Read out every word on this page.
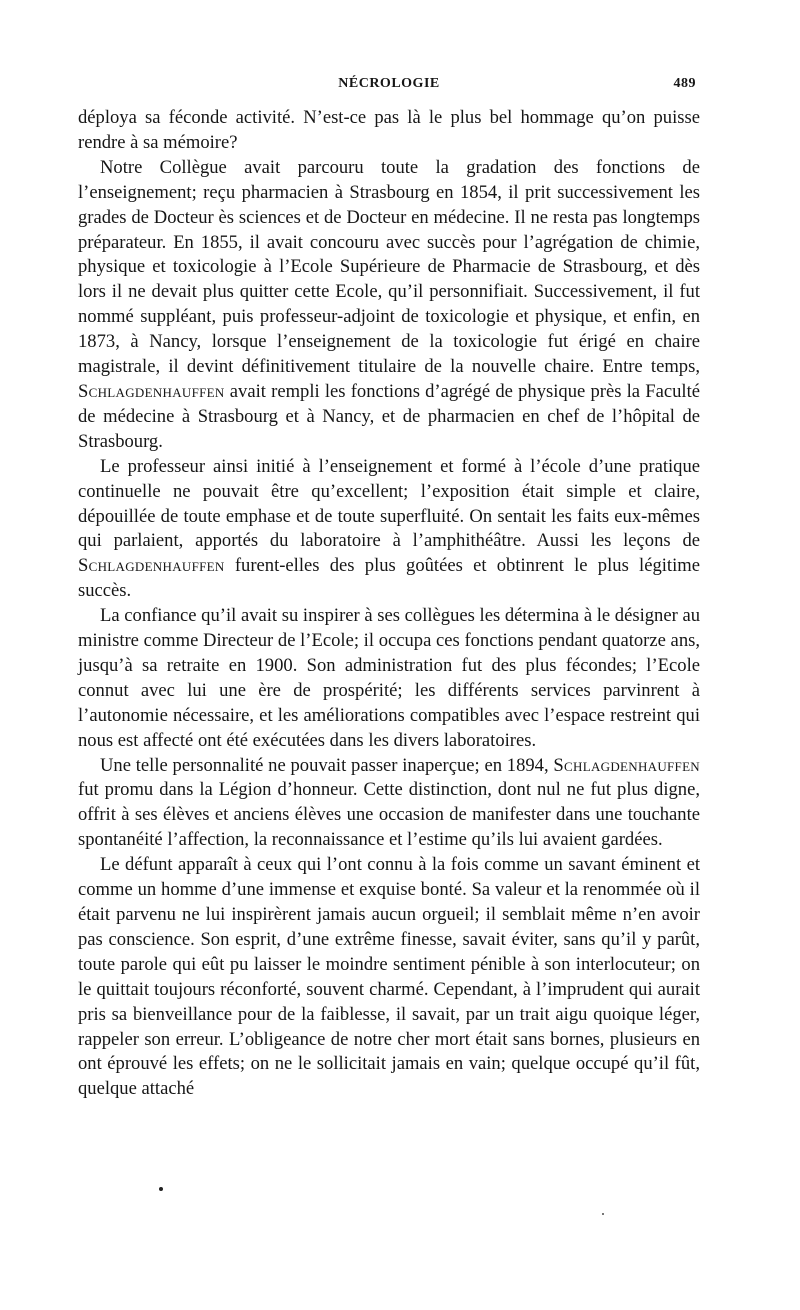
NÉCROLOGIE	489

déploya sa féconde activité. N’est-ce pas là le plus bel hommage qu’on puisse rendre à sa mémoire?

Notre Collègue avait parcouru toute la gradation des fonctions de l’enseignement; reçu pharmacien à Strasbourg en 1854, il prit successivement les grades de Docteur ès sciences et de Docteur en médecine. Il ne resta pas longtemps préparateur. En 1855, il avait concouru avec succès pour l’agrégation de chimie, physique et toxicologie à l’Ecole Supérieure de Pharmacie de Strasbourg, et dès lors il ne devait plus quitter cette Ecole, qu’il personnifiait. Successivement, il fut nommé suppléant, puis professeur-adjoint de toxicologie et physique, et enfin, en 1873, à Nancy, lorsque l’enseignement de la toxicologie fut érigé en chaire magistrale, il devint définitivement titulaire de la nouvelle chaire. Entre temps, Schlagdenhauffen avait rempli les fonctions d’agrégé de physique près la Faculté de médecine à Strasbourg et à Nancy, et de pharmacien en chef de l’hôpital de Strasbourg.

Le professeur ainsi initié à l’enseignement et formé à l’école d’une pratique continuelle ne pouvait être qu’excellent; l’exposition était simple et claire, dépouillée de toute emphase et de toute superfluité. On sentait les faits eux-mêmes qui parlaient, apportés du laboratoire à l’amphithéâtre. Aussi les leçons de Schlagdenhauffen furent-elles des plus goûtées et obtinrent le plus légitime succès.

La confiance qu’il avait su inspirer à ses collègues les détermina à le désigner au ministre comme Directeur de l’Ecole; il occupa ces fonctions pendant quatorze ans, jusqu’à sa retraite en 1900. Son administration fut des plus fécondes; l’Ecole connut avec lui une ère de prospérité; les différents services parvinrent à l’autonomie nécessaire, et les améliorations compatibles avec l’espace restreint qui nous est affecté ont été exécutées dans les divers laboratoires.

Une telle personnalité ne pouvait passer inaperçue; en 1894, Schlagdenhauffen fut promu dans la Légion d’honneur. Cette distinction, dont nul ne fut plus digne, offrit à ses élèves et anciens élèves une occasion de manifester dans une touchante spontanéité l’affection, la reconnaissance et l’estime qu’ils lui avaient gardées.

Le défunt apparaît à ceux qui l’ont connu à la fois comme un savant éminent et comme un homme d’une immense et exquise bonté. Sa valeur et la renommée où il était parvenu ne lui inspirèrent jamais aucun orgueil; il semblait même n’en avoir pas conscience. Son esprit, d’une extrême finesse, savait éviter, sans qu’il y parût, toute parole qui eût pu laisser le moindre sentiment pénible à son interlocuteur; on le quittait toujours réconforté, souvent charmé. Cependant, à l’imprudent qui aurait pris sa bienveillance pour de la faiblesse, il savait, par un trait aigu quoique léger, rappeler son erreur. L’obligeance de notre cher mort était sans bornes, plusieurs en ont éprouvé les effets; on ne le sollicitait jamais en vain; quelque occupé qu’il fût, quelque attaché
